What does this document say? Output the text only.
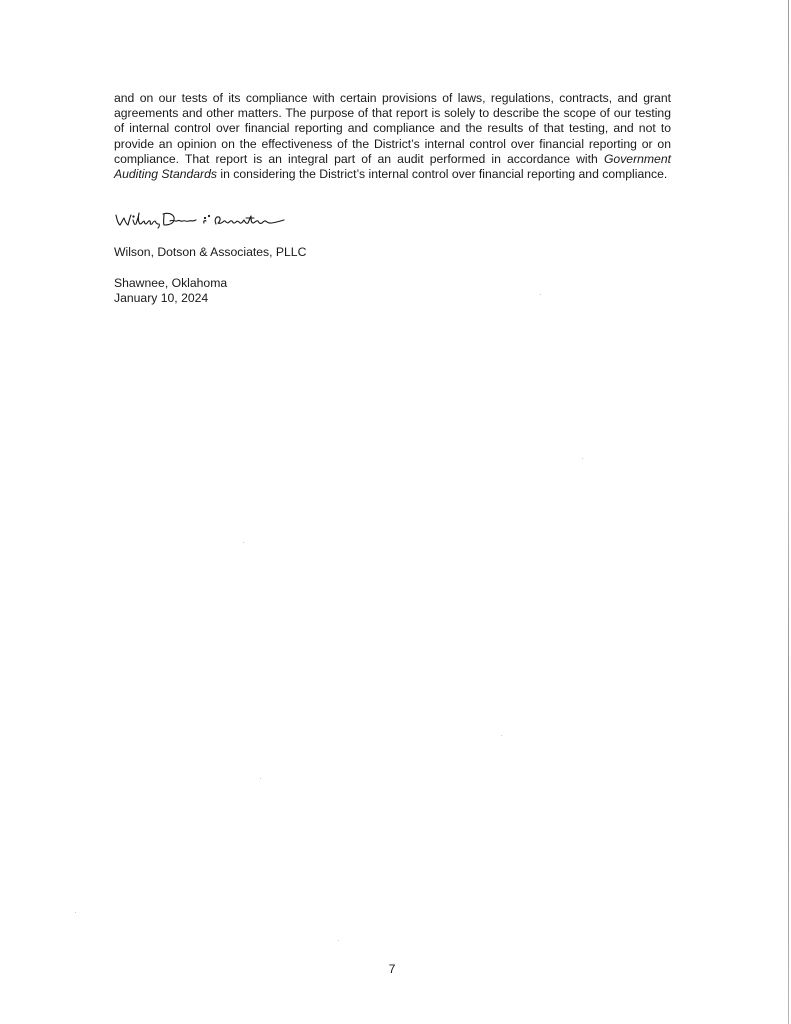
and on our tests of its compliance with certain provisions of laws, regulations, contracts, and grant agreements and other matters. The purpose of that report is solely to describe the scope of our testing of internal control over financial reporting and compliance and the results of that testing, and not to provide an opinion on the effectiveness of the District’s internal control over financial reporting or on compliance. That report is an integral part of an audit performed in accordance with Government Auditing Standards in considering the District’s internal control over financial reporting and compliance.

Wilson, Dotson & Associates, PLLC

Shawnee, Oklahoma

January 10, 2024

7
